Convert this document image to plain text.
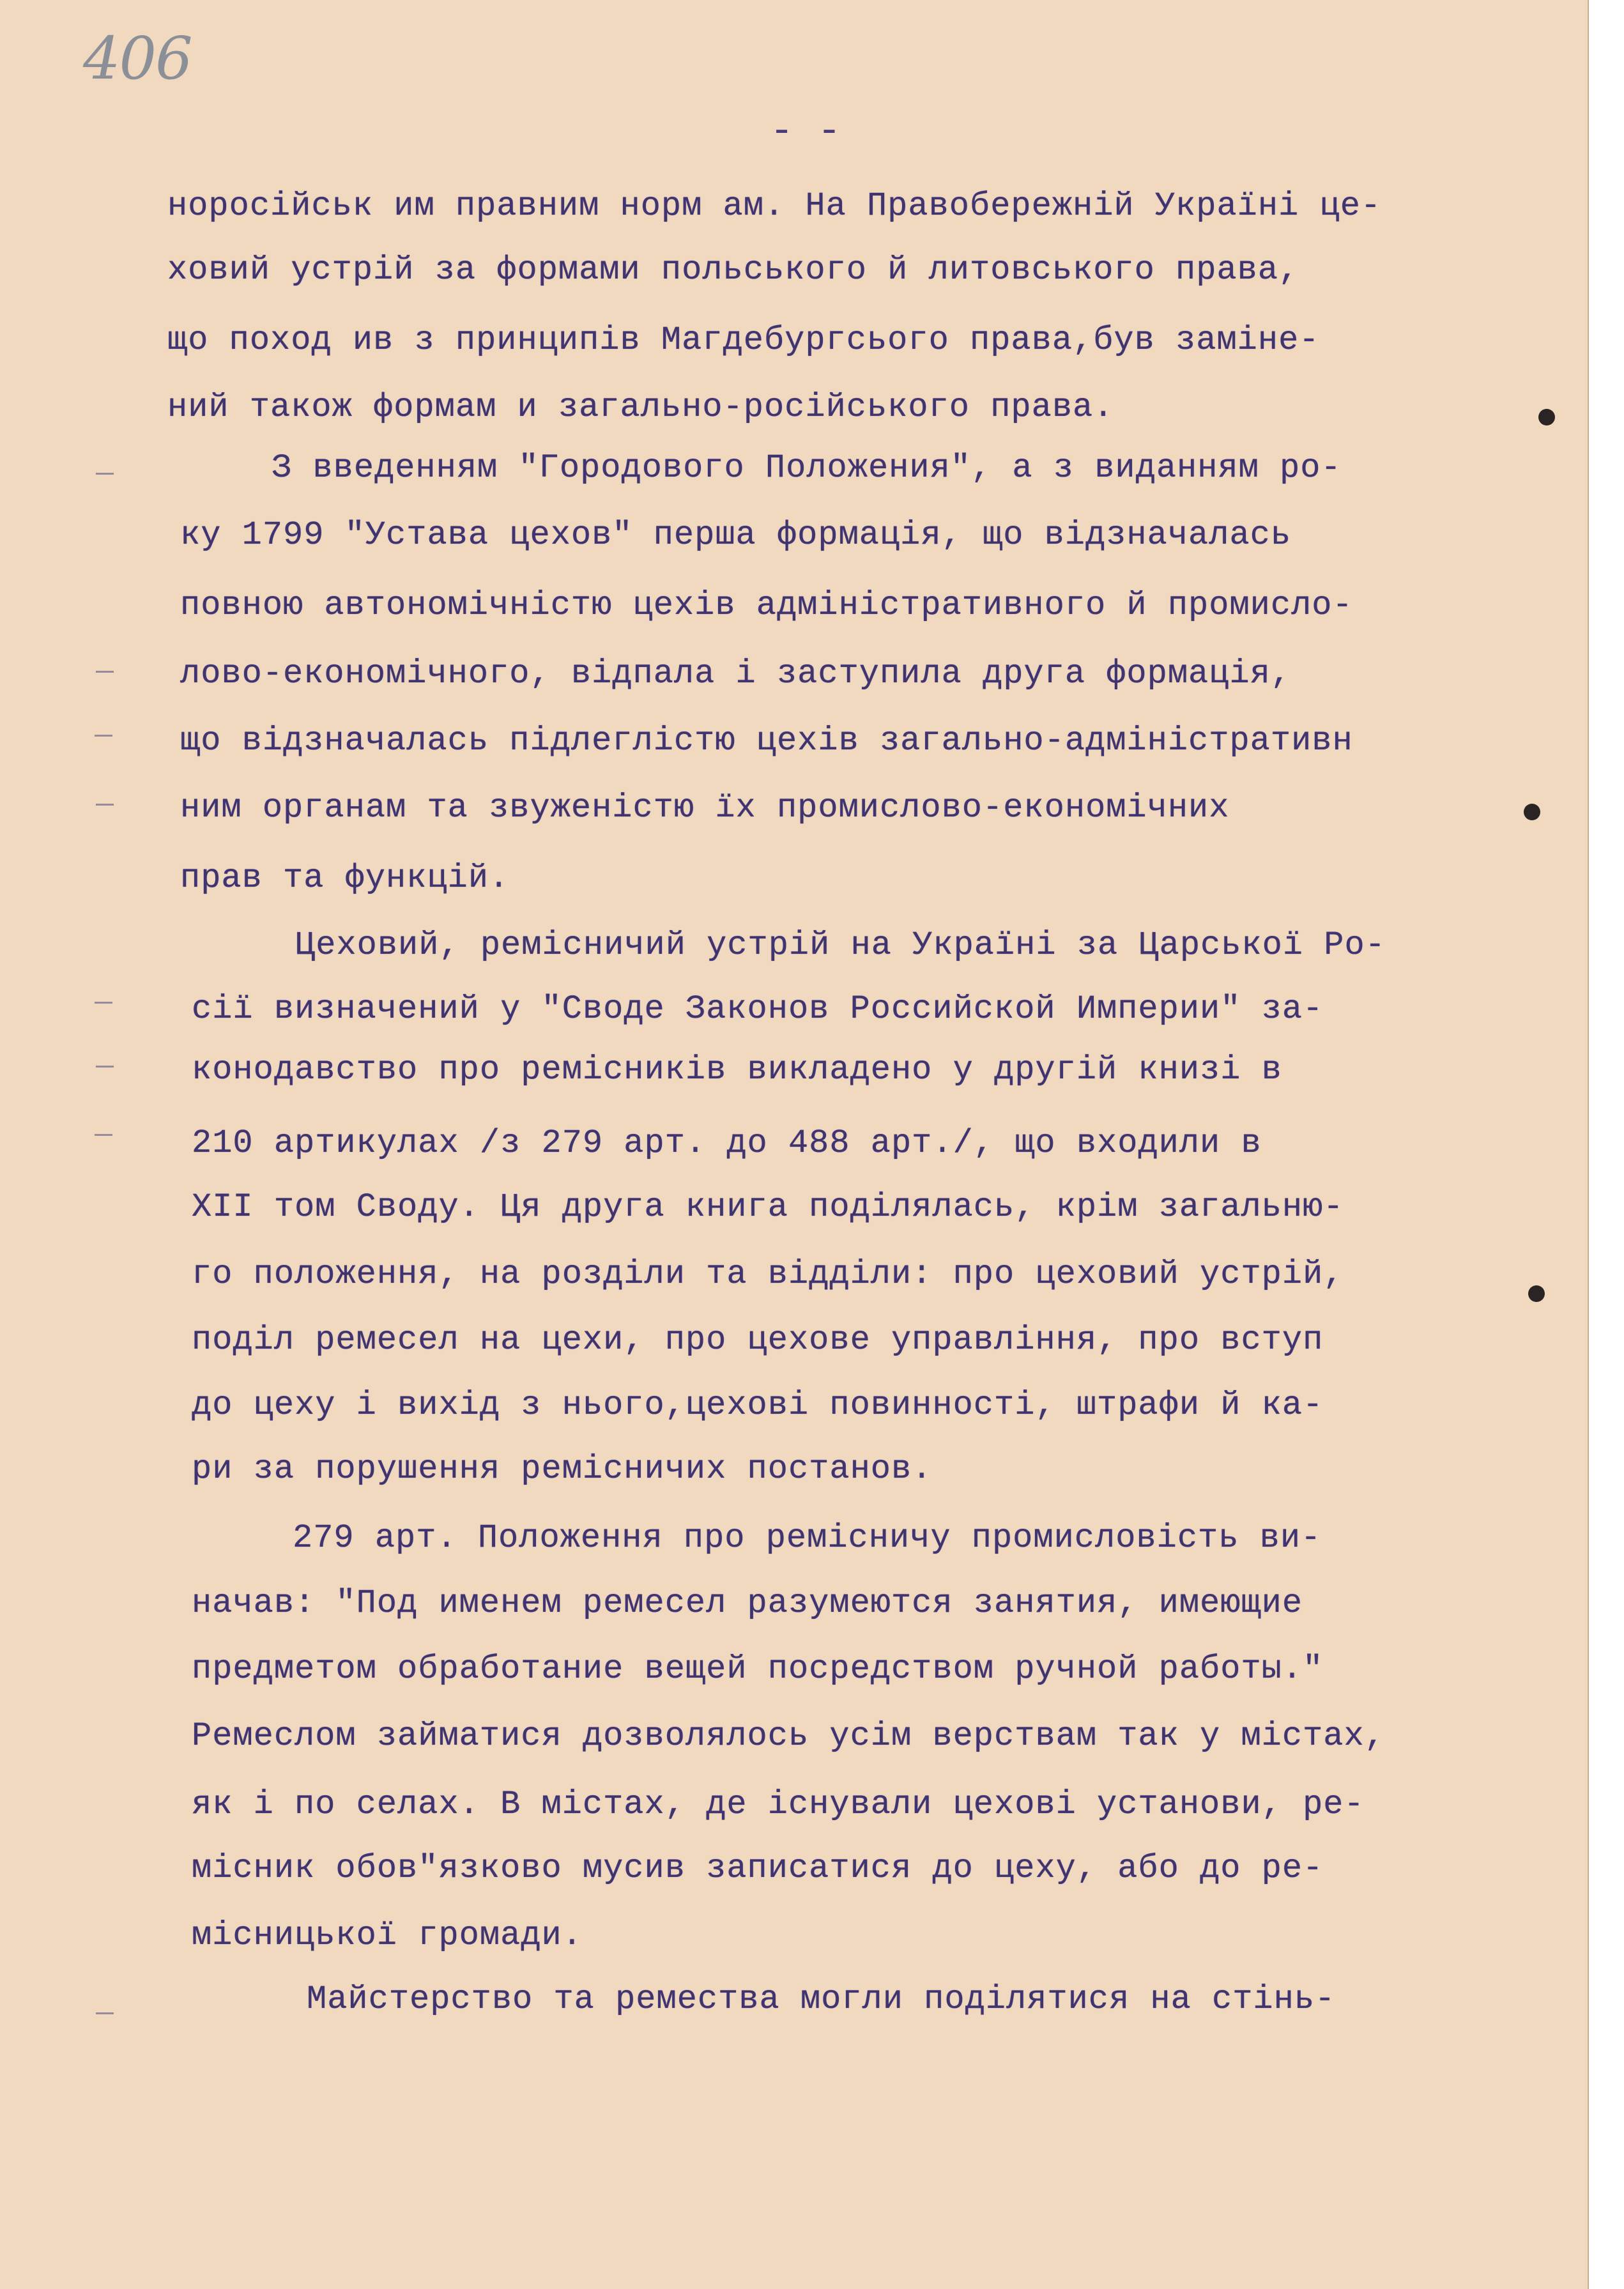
406
- -
норосійськ им правним норм ам. На Правобережній Україні це-
ховий устрій за формами польського й литовського права,
що поход ив з принципів Магдебургсього права,був заміне-
ний також формам и загально-російського права.
З введенням "Городового Положения", а з виданням ро-
ку 1799 "Устава цехов" перша формація, що відзначалась
повною автономічністю цехів адміністративного й промисло-
лово-економічного, відпала і заступила друга формація,
що відзначалась підлеглістю цехів загально-адміністративн
ним органам та звуженістю їх промислово-економічних
прав та функцій.
Цеховий, ремісничий устрій на Україні за Царської Ро-
сії визначений у "Своде Законов Российской Империи" за-
конодавство про ремісників викладено у другій книзі в
210 артикулах /з 279 арт. до 488 арт./, що входили в
ХІІ том Своду. Ця друга книга поділялась, крім загальню-
го положення, на розділи та відділи: про цеховий устрій,
поділ ремесел на цехи, про цехове управління, про вступ
до цеху і вихід з нього,цехові повинності, штрафи й ка-
ри за порушення ремісничих постанов.
279 арт. Положення про ремісничу промисловість ви-
начав: "Под именем ремесел разумеются занятия, имеющие
предметом обработание вещей посредством ручной работы."
Ремеслом займатися дозволялось усім верствам так у містах,
як і по селах. В містах, де існували цехові установи, ре-
місник обов"язково мусив записатися до цеху, або до ре-
місницької громади.
Майстерство та ремества могли поділятися на стінь-
